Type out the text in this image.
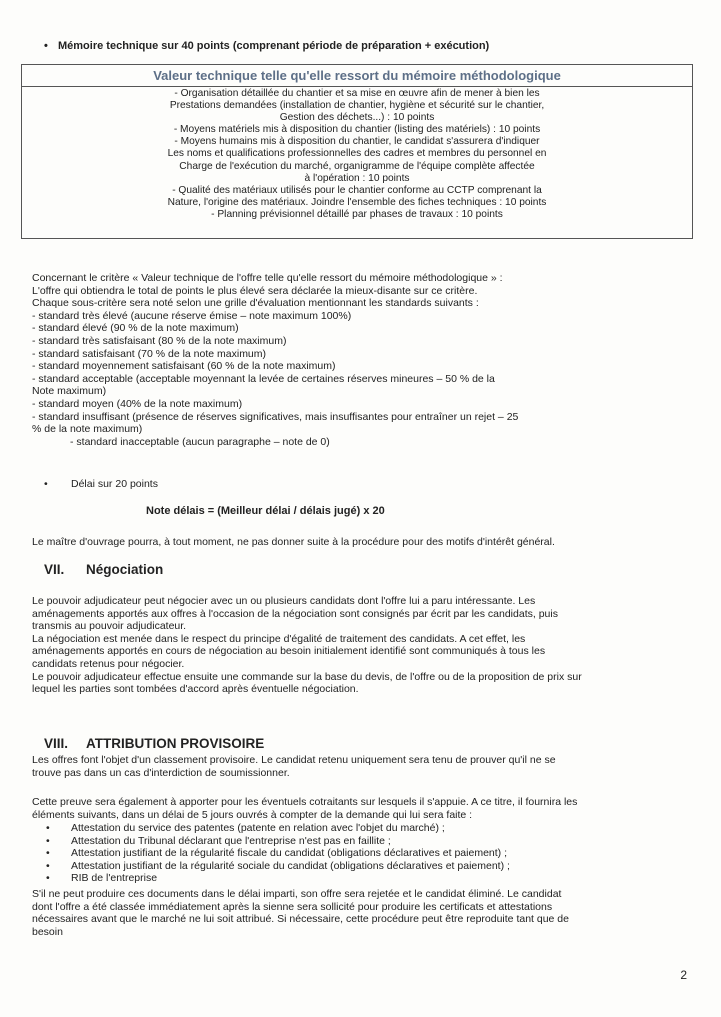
• Mémoire technique sur 40 points (comprenant période de préparation + exécution)
Valeur technique telle qu'elle ressort du mémoire méthodologique
- Organisation détaillée du chantier et sa mise en œuvre afin de mener à bien les
Prestations demandées (installation de chantier, hygiène et sécurité sur le chantier,
Gestion des déchets...) : 10 points
- Moyens matériels mis à disposition du chantier (listing des matériels) : 10 points
- Moyens humains mis à disposition du chantier, le candidat s'assurera d'indiquer
Les noms et qualifications professionnelles des cadres et membres du personnel en
Charge de l'exécution du marché, organigramme de l'équipe complète affectée
à l'opération : 10 points
- Qualité des matériaux utilisés pour le chantier conforme au CCTP comprenant la
Nature, l'origine des matériaux. Joindre l'ensemble des fiches techniques : 10 points
- Planning prévisionnel détaillé par phases de travaux : 10 points
Concernant le critère « Valeur technique de l'offre telle qu'elle ressort du mémoire méthodologique » :
L'offre qui obtiendra le total de points le plus élevé sera déclarée la mieux-disante sur ce critère.
Chaque sous-critère sera noté selon une grille d'évaluation mentionnant les standards suivants :
- standard très élevé (aucune réserve émise – note maximum 100%)
- standard élevé (90 % de la note maximum)
- standard très satisfaisant (80 % de la note maximum)
- standard satisfaisant (70 % de la note maximum)
- standard moyennement satisfaisant (60 % de la note maximum)
- standard acceptable (acceptable moyennant la levée de certaines réserves mineures – 50 % de la
Note maximum)
- standard moyen (40% de la note maximum)
- standard insuffisant (présence de réserves significatives, mais insuffisantes pour entraîner un rejet – 25
% de la note maximum)
- standard inacceptable (aucun paragraphe – note de 0)
• Délai sur 20 points
Note délais = (Meilleur délai / délais jugé) x 20
Le maître d'ouvrage pourra, à tout moment, ne pas donner suite à la procédure pour des motifs d'intérêt général.
VII. Négociation
Le pouvoir adjudicateur peut négocier avec un ou plusieurs candidats dont l'offre lui a paru intéressante. Les
aménagements apportés aux offres à l'occasion de la négociation sont consignés par écrit par les candidats, puis
transmis au pouvoir adjudicateur.
La négociation est menée dans le respect du principe d'égalité de traitement des candidats. A cet effet, les
aménagements apportés en cours de négociation au besoin initialement identifié sont communiqués à tous les
candidats retenus pour négocier.
Le pouvoir adjudicateur effectue ensuite une commande sur la base du devis, de l'offre ou de la proposition de prix sur
lequel les parties sont tombées d'accord après éventuelle négociation.
VIII. ATTRIBUTION PROVISOIRE
Les offres font l'objet d'un classement provisoire. Le candidat retenu uniquement sera tenu de prouver qu'il ne se
trouve pas dans un cas d'interdiction de soumissionner.
Cette preuve sera également à apporter pour les éventuels cotraitants sur lesquels il s'appuie. A ce titre, il fournira les
éléments suivants, dans un délai de 5 jours ouvrés à compter de la demande qui lui sera faite :
• Attestation du service des patentes (patente en relation avec l'objet du marché) ;
• Attestation du Tribunal déclarant que l'entreprise n'est pas en faillite ;
• Attestation justifiant de la régularité fiscale du candidat (obligations déclaratives et paiement) ;
• Attestation justifiant de la régularité sociale du candidat (obligations déclaratives et paiement) ;
• RIB de l'entreprise
S'il ne peut produire ces documents dans le délai imparti, son offre sera rejetée et le candidat éliminé. Le candidat
dont l'offre a été classée immédiatement après la sienne sera sollicité pour produire les certificats et attestations
nécessaires avant que le marché ne lui soit attribué. Si nécessaire, cette procédure peut être reproduite tant que de
besoin
2
